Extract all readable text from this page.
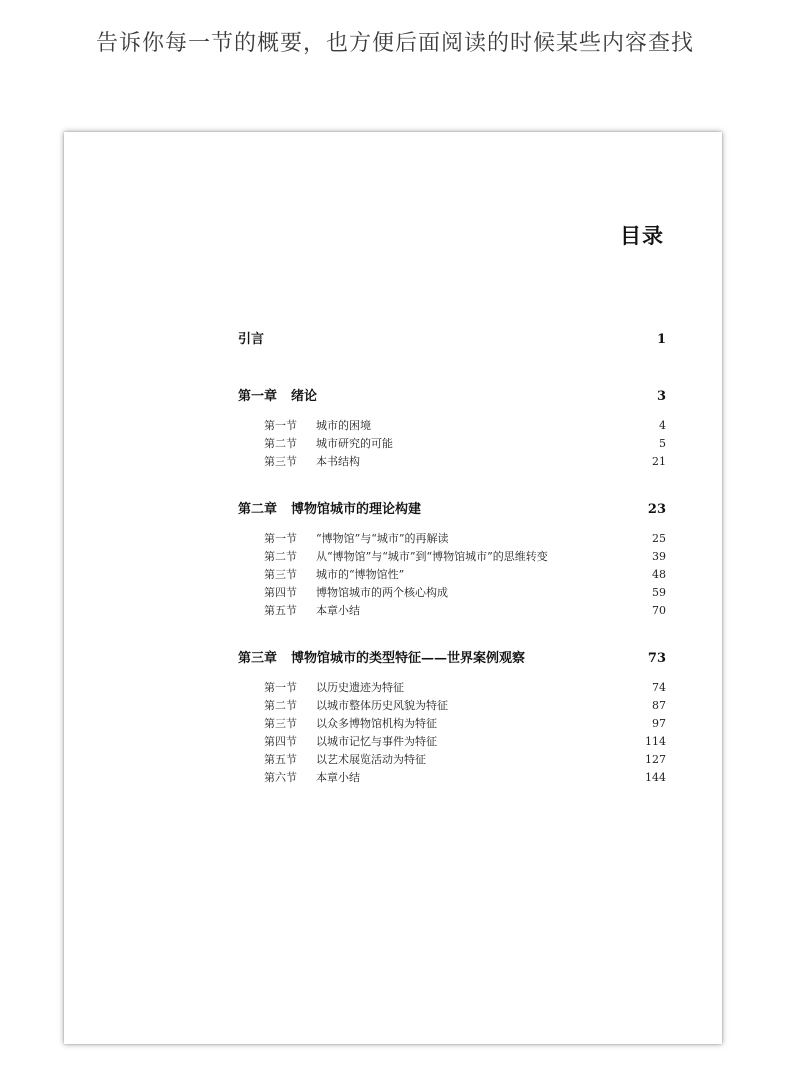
告诉你每一节的概要，也方便后面阅读的时候某些内容查找
目录
引言	1
第一章 绪论	3
第一节 城市的困境	4
第二节 城市研究的可能	5
第三节 本书结构	21
第二章 博物馆城市的理论构建	23
第一节 “博物馆”与“城市”的再解读	25
第二节 从“博物馆”与“城市”到“博物馆城市”的思维转变	39
第三节 城市的“博物馆性”	48
第四节 博物馆城市的两个核心构成	59
第五节 本章小结	70
第三章 博物馆城市的类型特征——世界案例观察	73
第一节 以历史遗迹为特征	74
第二节 以城市整体历史风貌为特征	87
第三节 以众多博物馆机构为特征	97
第四节 以城市记忆与事件为特征	114
第五节 以艺术展览活动为特征	127
第六节 本章小结	144
